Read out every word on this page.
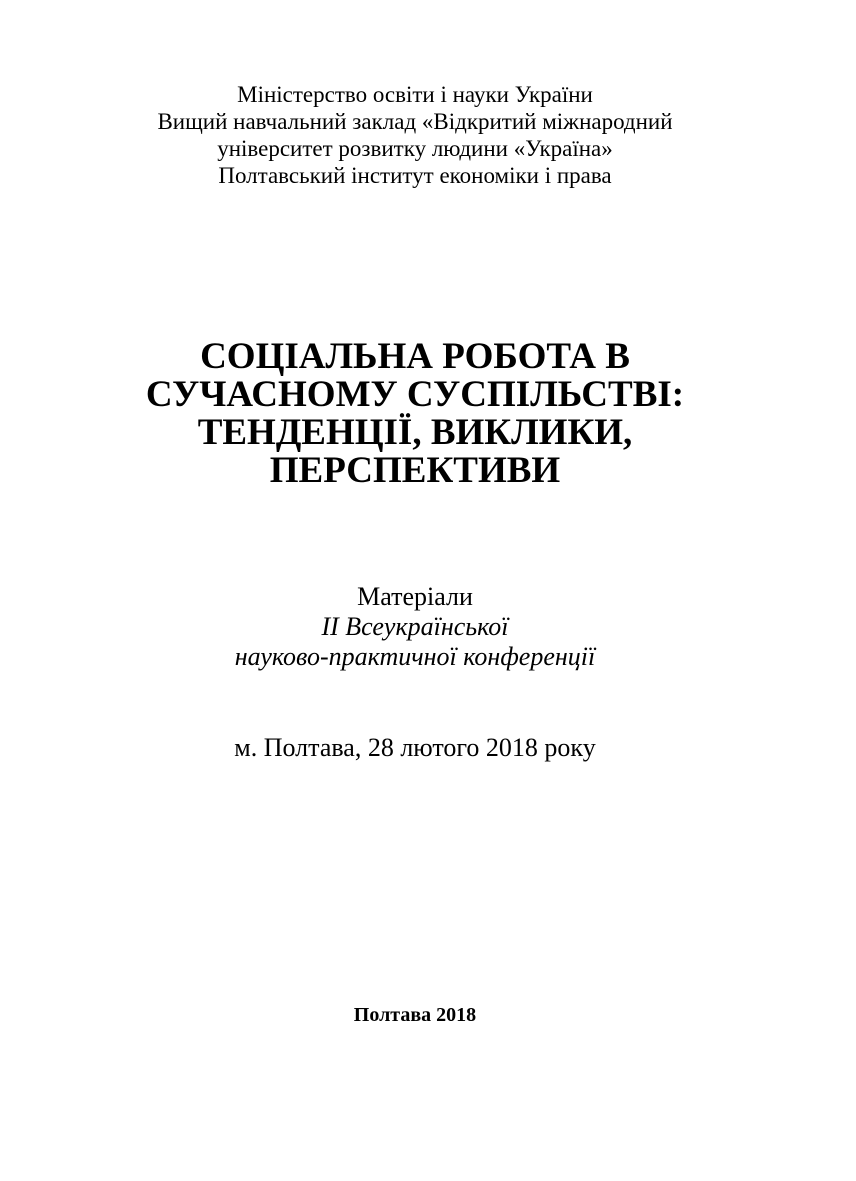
Міністерство освіти і науки України
Вищий навчальний заклад «Відкритий міжнародний
університет розвитку людини «Україна»
Полтавський інститут економіки і права
СОЦІАЛЬНА РОБОТА В
СУЧАСНОМУ СУСПІЛЬСТВІ:
ТЕНДЕНЦІЇ, ВИКЛИКИ,
ПЕРСПЕКТИВИ
Матеріали
ІІ Всеукраїнської
науково-практичної конференції
м. Полтава, 28 лютого 2018 року
Полтава 2018
